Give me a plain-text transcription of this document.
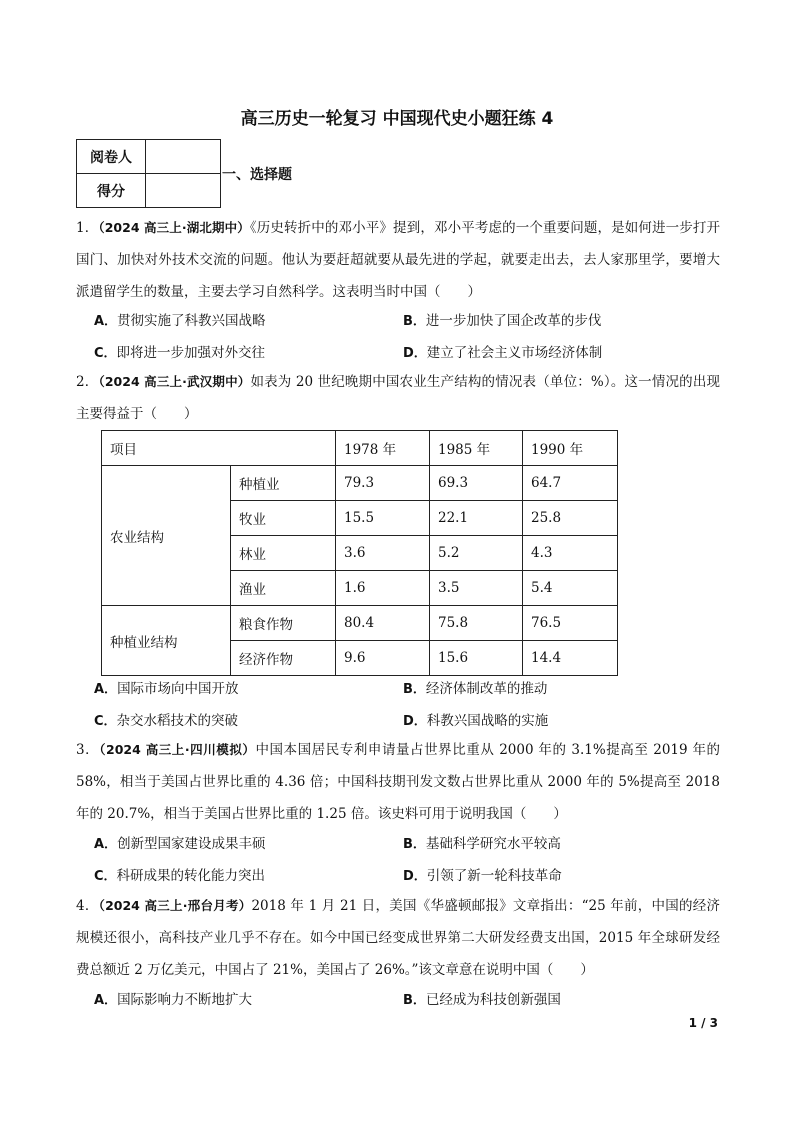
高三历史一轮复习 中国现代史小题狂练 4
阅卷人	
得分	
一、选择题
1．（2024 高三上·湖北期中）《历史转折中的邓小平》提到，邓小平考虑的一个重要问题，是如何进一步打开国门、加快对外技术交流的问题。他认为要赶超就要从最先进的学起，就要走出去，去人家那里学，要增大派遣留学生的数量，主要去学习自然科学。这表明当时中国（　　）
A．贯彻实施了科教兴国战略	B．进一步加快了国企改革的步伐
C．即将进一步加强对外交往	D．建立了社会主义市场经济体制
2．（2024 高三上·武汉期中）如表为 20 世纪晚期中国农业生产结构的情况表（单位：%）。这一情况的出现主要得益于（　　）
项目		1978 年	1985 年	1990 年
农业结构	种植业	79.3	69.3	64.7
	牧业	15.5	22.1	25.8
	林业	3.6	5.2	4.3
	渔业	1.6	3.5	5.4
种植业结构	粮食作物	80.4	75.8	76.5
	经济作物	9.6	15.6	14.4
A．国际市场向中国开放	B．经济体制改革的推动
C．杂交水稻技术的突破	D．科教兴国战略的实施
3．（2024 高三上·四川模拟）中国本国居民专利申请量占世界比重从 2000 年的 3.1%提高至 2019 年的 58%，相当于美国占世界比重的 4.36 倍；中国科技期刊发文数占世界比重从 2000 年的 5%提高至 2018 年的 20.7%，相当于美国占世界比重的 1.25 倍。该史料可用于说明我国（　　）
A．创新型国家建设成果丰硕	B．基础科学研究水平较高
C．科研成果的转化能力突出	D．引领了新一轮科技革命
4．（2024 高三上·邢台月考）2018 年 1 月 21 日，美国《华盛顿邮报》文章指出：“25 年前，中国的经济规模还很小，高科技产业几乎不存在。如今中国已经变成世界第二大研发经费支出国，2015 年全球研发经费总额近 2 万亿美元，中国占了 21%，美国占了 26%。”该文章意在说明中国（　　）
A．国际影响力不断地扩大	B．已经成为科技创新强国
1 / 3
